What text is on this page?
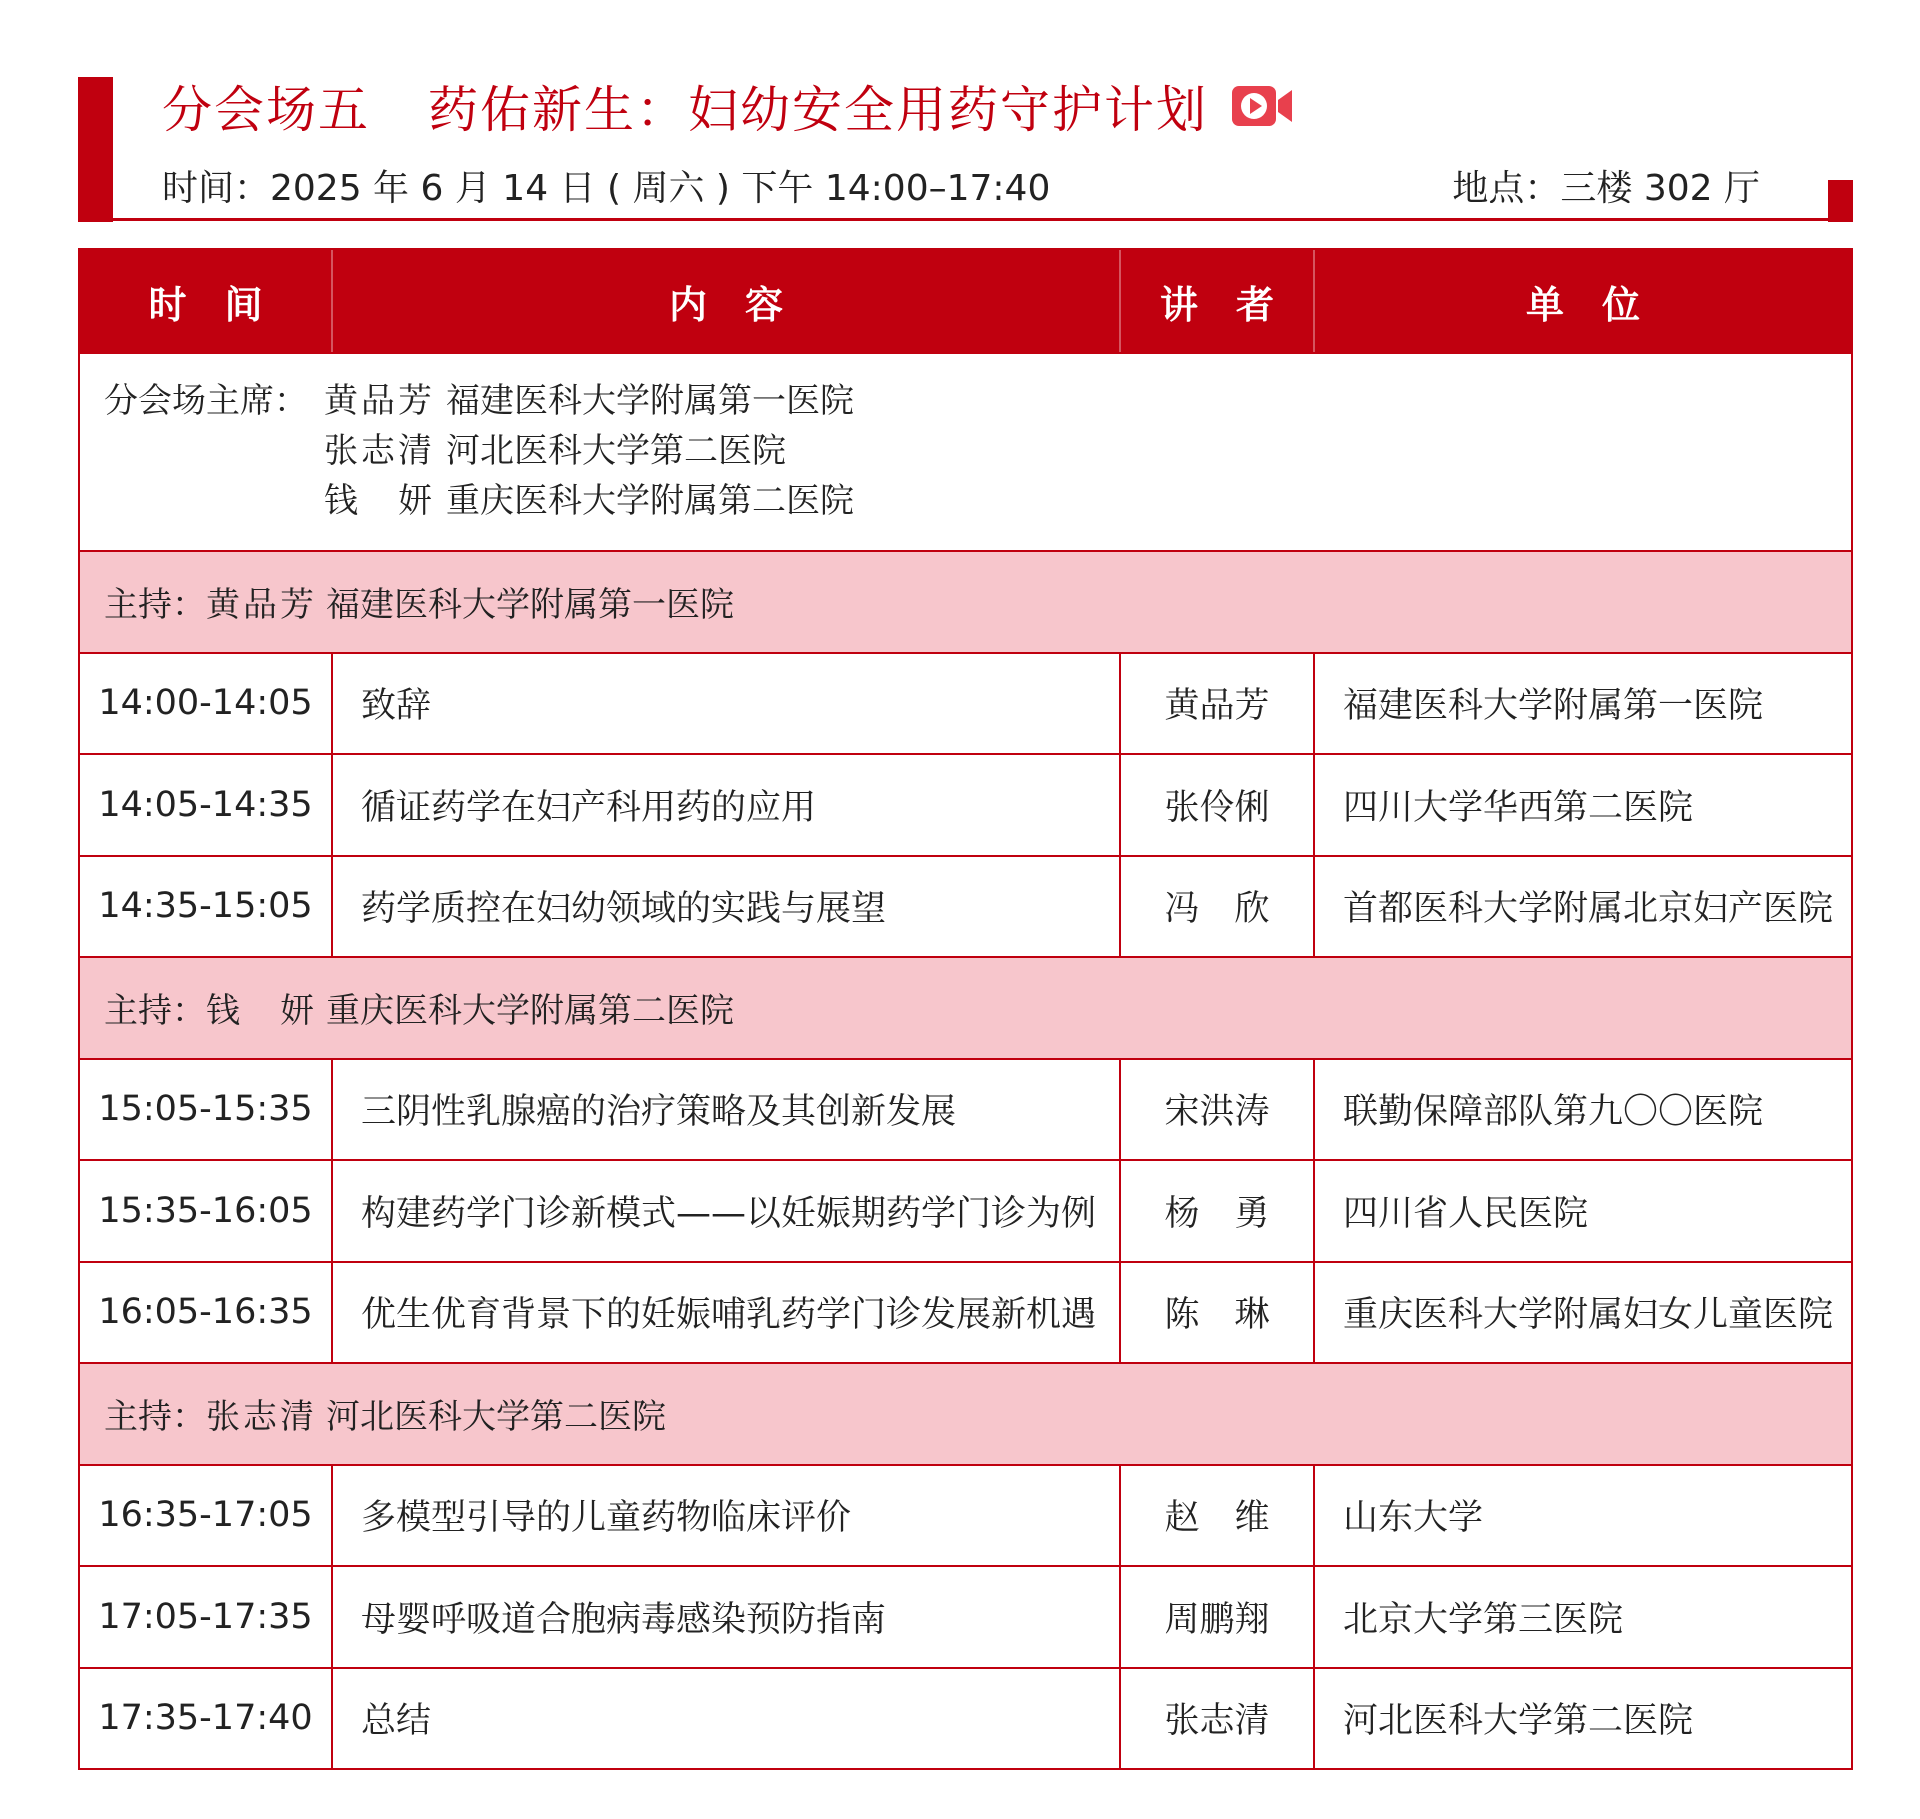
分会场五 药佑新生：妇幼安全用药守护计划
时间：2025 年 6 月 14 日 ( 周六 ) 下午 14:00–17:40	地点：三楼 302 厅
时　间	内　容	讲　者	单　位
分会场主席： 黄品芳 福建医科大学附属第一医院
张志清 河北医科大学第二医院
钱　妍 重庆医科大学附属第二医院
主持： 黄品芳 福建医科大学附属第一医院
14:00-14:05	致辞	黄品芳	福建医科大学附属第一医院
14:05-14:35	循证药学在妇产科用药的应用	张伶俐	四川大学华西第二医院
14:35-15:05	药学质控在妇幼领域的实践与展望	冯　欣	首都医科大学附属北京妇产医院
主持： 钱　妍 重庆医科大学附属第二医院
15:05-15:35	三阴性乳腺癌的治疗策略及其创新发展	宋洪涛	联勤保障部队第九〇〇医院
15:35-16:05	构建药学门诊新模式——以妊娠期药学门诊为例	杨　勇	四川省人民医院
16:05-16:35	优生优育背景下的妊娠哺乳药学门诊发展新机遇	陈　琳	重庆医科大学附属妇女儿童医院
主持： 张志清 河北医科大学第二医院
16:35-17:05	多模型引导的儿童药物临床评价	赵　维	山东大学
17:05-17:35	母婴呼吸道合胞病毒感染预防指南	周鹏翔	北京大学第三医院
17:35-17:40	总结	张志清	河北医科大学第二医院
